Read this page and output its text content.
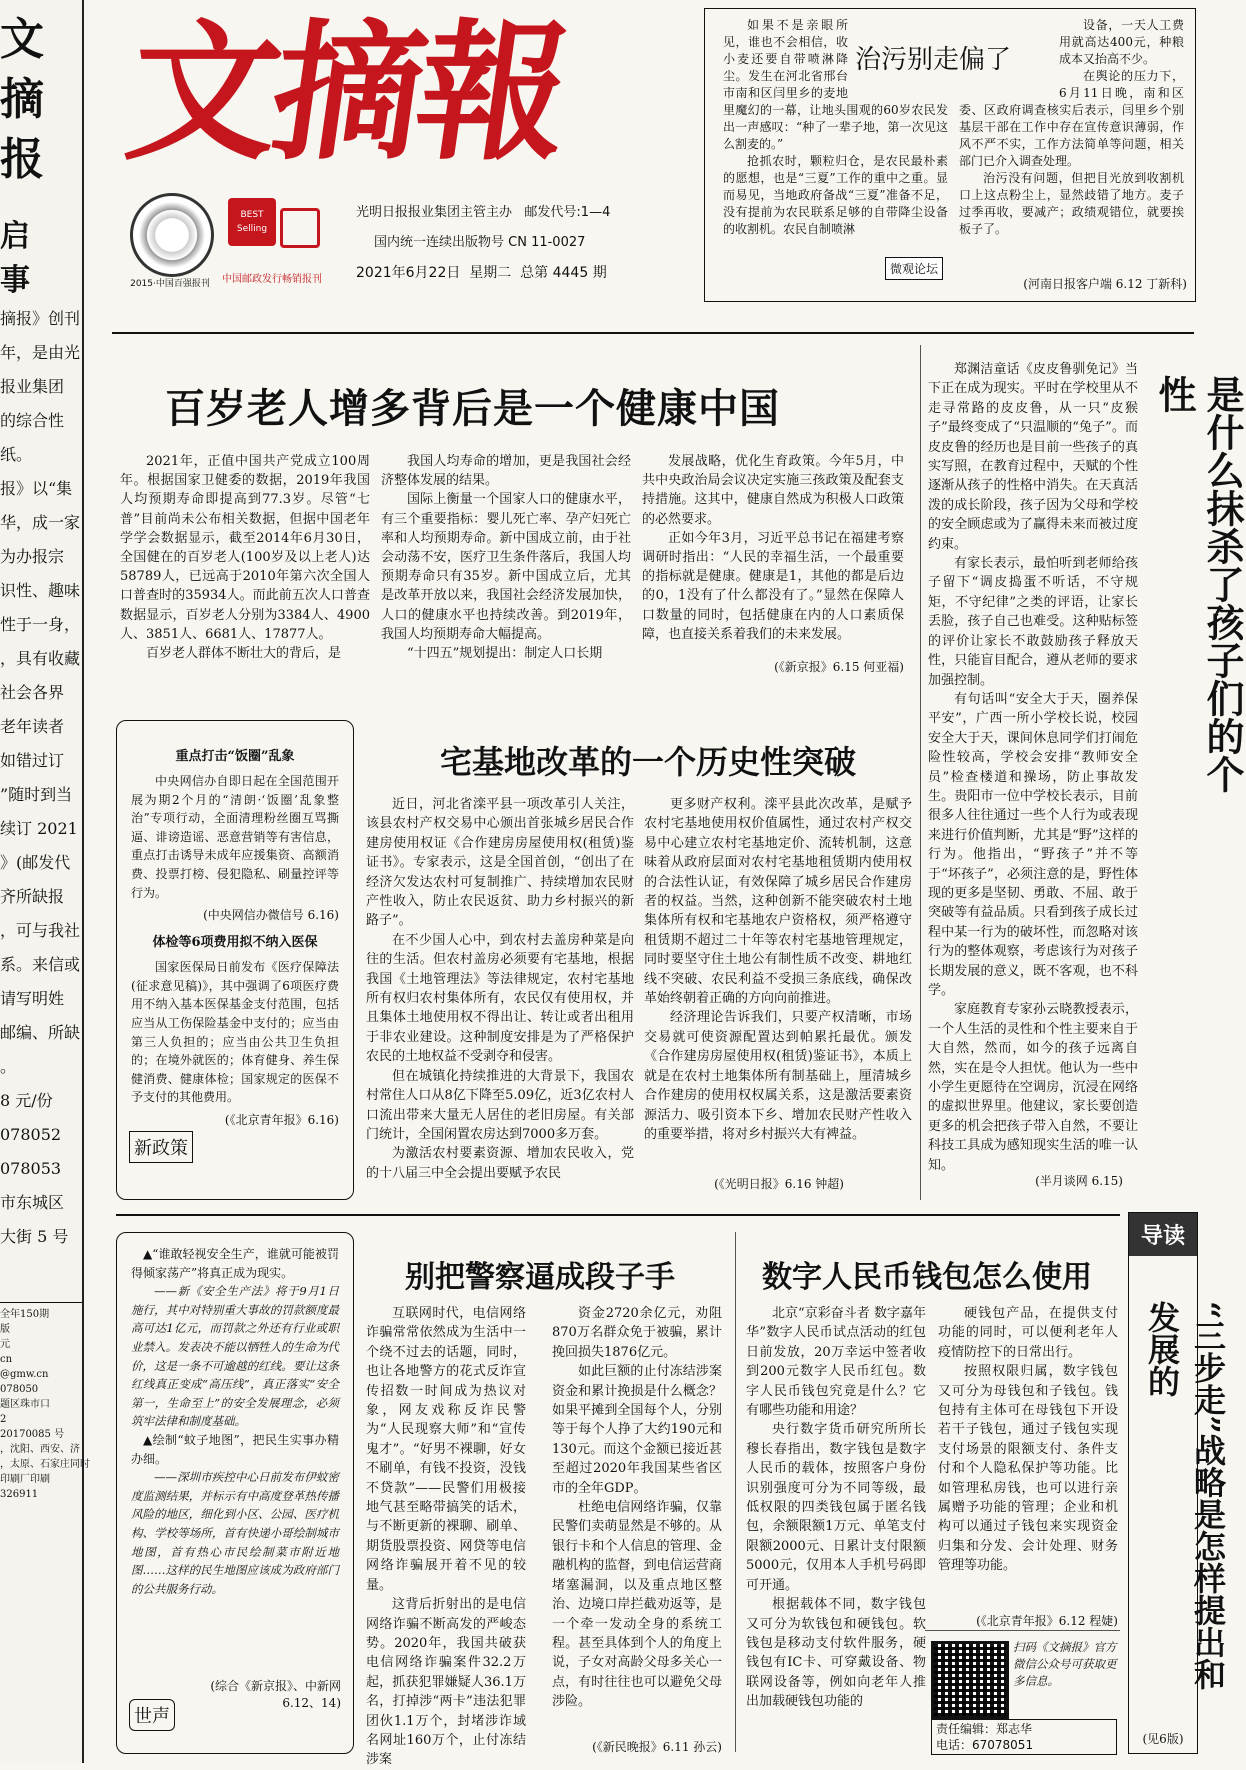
文
摘
报
启事
摘报》创刊
年，是由光
报业集团
的综合性
纸。
报》以“集
华，成一家
为办报宗
识性、趣味
性于一身，
，具有收藏
社会各界
老年读者
如错过订
”随时到当
续订 2021
》(邮发代
齐所缺报
，可与我社
系。来信或
请写明姓
邮编、所缺
。
8 元/份
078052
078053
市东城区
大街 5 号
全年150期
版
元
cn
@gmw.cn
078050
题区珠市口
2
20170085 号
，沈阳、西安、济
，太原、石家庄同时
印刷厂印刷
326911
文摘報
2015·中国百强报刊
BEST Selling
中国邮政发行畅销报刊
光明日报报业集团主管主办 邮发代号:1—4
国内统一连续出版物号 CN 11-0027
2021年6月22日 星期二 总第 4445 期
治污别走偏了

如果不是亲眼所见，谁也不会相信，收小麦还要自带喷淋降尘。发生在河北省邢台市南和区闫里乡的麦地里魔幻的一幕，让地头围观的60岁农民发出一声感叹：“种了一辈子地，第一次见这么割麦的。”

抢抓农时，颗粒归仓，是农民最朴素的愿想，也是“三夏”工作的重中之重。显而易见，当地政府备战“三夏”准备不足，没有提前为农民联系足够的自带降尘设备的收割机。农民自制喷淋

设备，一天人工费用就高达400元，种粮成本又抬高不少。

在舆论的压力下，6月11日晚，南和区委、区政府调查核实后表示，闫里乡个别基层干部在工作中存在宣传意识薄弱，作风不严不实，工作方法简单等问题，相关部门已介入调查处理。

治污没有问题，但把目光放到收割机口上这点粉尘上，显然歧错了地方。麦子过季再收，要减产；政绩观错位，就要挨板子了。

微观论坛
(河南日报客户端 6.12 丁新科)
百岁老人增多背后是一个健康中国

2021年，正值中国共产党成立100周年。根据国家卫健委的数据，2019年我国人均预期寿命即提高到77.3岁。尽管“七普”目前尚未公布相关数据，但据中国老年学学会数据显示，截至2014年6月30日，全国健在的百岁老人(100岁及以上老人)达58789人，已远高于2010年第六次全国人口普查时的35934人。而此前五次人口普查数据显示，百岁老人分别为3384人、4900人、3851人、6681人、17877人。

百岁老人群体不断壮大的背后，是

我国人均寿命的增加，更是我国社会经济整体发展的结果。

国际上衡量一个国家人口的健康水平，有三个重要指标：婴儿死亡率、孕产妇死亡率和人均预期寿命。新中国成立前，由于社会动荡不安，医疗卫生条件落后，我国人均预期寿命只有35岁。新中国成立后，尤其是改革开放以来，我国社会经济发展加快，人口的健康水平也持续改善。到2019年，我国人均预期寿命大幅提高。

“十四五”规划提出：制定人口长期

发展战略，优化生育政策。今年5月，中共中央政治局会议决定实施三孩政策及配套支持措施。这其中，健康自然成为积极人口政策的必然要求。

正如今年3月，习近平总书记在福建考察调研时指出：“人民的幸福生活，一个最重要的指标就是健康。健康是1，其他的都是后边的0，1没有了什么都没有了。”显然在保障人口数量的同时，包括健康在内的人口素质保障，也直接关系着我们的未来发展。

(《新京报》6.15 何亚福)

郑渊洁童话《皮皮鲁驯免记》当下正在成为现实。平时在学校里从不走寻常路的皮皮鲁，从一只“皮猴子”最终变成了“只温顺的“兔子”。而皮皮鲁的经历也是目前一些孩子的真实写照，在教育过程中，天赋的个性逐渐从孩子的性格中消失。在天真活泼的成长阶段，孩子因为父母和学校的安全顾虑或为了赢得未来而被过度约束。

有家长表示，最怕听到老师给孩子留下“调皮捣蛋不听话，不守规矩，不守纪律”之类的评语，让家长丢脸，孩子自己也难受。这种贴标签的评价让家长不敢鼓励孩子释放天性，只能盲目配合，遵从老师的要求加强控制。

有句话叫“安全大于天，圈养保平安”，广西一所小学校长说，校园安全大于天，课间休息同学们打闹危险性较高，学校会安排“教师安全员”检查楼道和操场，防止事故发生。贵阳市一位中学校长表示，目前很多人往往通过一些个人行为或表现来进行价值判断，尤其是“野”这样的行为。他指出，“野孩子”并不等于“坏孩子”，必须注意的是，野性体现的更多是坚韧、勇敢、不屈、敢于突破等有益品质。只看到孩子成长过程中某一行为的破坏性，而忽略对该行为的整体观察，考虑该行为对孩子长期发展的意义，既不客观，也不科学。

家庭教育专家孙云晓教授表示，一个人生活的灵性和个性主要来自于大自然，然而，如今的孩子远离自然，实在是令人担忧。他认为一些中小学生更愿待在空调房，沉浸在网络的虚拟世界里。他建议，家长要创造更多的机会把孩子带入自然，不要让科技工具成为感知现实生活的唯一认知。

(半月谈网 6.15)
是什么抹杀了孩子们的个性
重点打击“饭圈”乱象
中央网信办自即日起在全国范围开展为期2个月的“清朗·‘饭圈’乱象整治”专项行动，全面清理粉丝圈互骂撕逼、诽谤造谣、恶意营销等有害信息，重点打击诱导未成年应援集资、高额消费、投票打榜、侵犯隐私、刷量控评等行为。
(中央网信办微信号 6.16)
体检等6项费用拟不纳入医保
国家医保局日前发布《医疗保障法(征求意见稿)》，其中强调了6项医疗费用不纳入基本医保基金支付范围，包括应当从工伤保险基金中支付的；应当由第三人负担的；应当由公共卫生负担的；在境外就医的；体育健身、养生保健消费、健康体检；国家规定的医保不予支付的其他费用。
(《北京青年报》6.16)
新政策
宅基地改革的一个历史性突破

近日，河北省滦平县一项改革引人关注，该县农村产权交易中心颁出首张城乡居民合作建房使用权证《合作建房房屋使用权(租赁)鉴证书》。专家表示，这是全国首创，“创出了在经济欠发达农村可复制推广、持续增加农民财产性收入，防止农民返贫、助力乡村振兴的新路子”。

在不少国人心中，到农村去盖房种菜是向往的生活。但农村盖房必须要有宅基地，根据我国《土地管理法》等法律规定，农村宅基地所有权归农村集体所有，农民仅有使用权，并且集体土地使用权不得出让、转让或者出租用于非农业建设。这种制度安排是为了严格保护农民的土地权益不受剥夺和侵害。

但在城镇化持续推进的大背景下，我国农村常住人口从8亿下降至5.09亿，近3亿农村人口流出带来大量无人居住的老旧房屋。有关部门统计，全国闲置农房达到7000多万套。

为激活农村要素资源、增加农民收入，党的十八届三中全会提出要赋予农民

更多财产权利。滦平县此次改革，是赋予农村宅基地使用权价值属性，通过农村产权交易中心建立农村宅基地定价、流转机制，这意味着从政府层面对农村宅基地租赁期内使用权的合法性认证，有效保障了城乡居民合作建房者的权益。当然，这种创新不能突破农村土地集体所有权和宅基地农户资格权，须严格遵守租赁期不超过二十年等农村宅基地管理规定，同时要坚守住土地公有制性质不改变、耕地红线不突破、农民利益不受损三条底线，确保改革始终朝着正确的方向向前推进。

经济理论告诉我们，只要产权清晰，市场交易就可使资源配置达到帕累托最优。颁发《合作建房房屋使用权(租赁)鉴证书》，本质上就是在农村土地集体所有制基础上，厘清城乡合作建房的使用权权属关系，这是激活要素资源活力、吸引资本下乡、增加农民财产性收入的重要举措，将对乡村振兴大有裨益。

(《光明日报》6.16 钟超)
导读
“三步走”战略是怎样提出和发展的
(见6版)
▲“谁敢轻视安全生产，谁就可能被罚得倾家荡产”将真正成为现实。
——新《安全生产法》将于9月1日施行，其中对特别重大事故的罚款额度最高可达1亿元，而罚款之外还有行业或职业禁入。发表决不能以牺牲人的生命为代价，这是一条不可逾越的红线。要让这条红线真正变成“高压线”，真正落实“安全第一，生命至上”的安全发展理念，必须筑牢法律和制度基础。
▲绘制“蚊子地图”，把民生实事办精办细。
——深圳市疾控中心日前发布伊蚊密度监测结果，并标示有中高度登革热传播风险的地区，细化到小区、公园、医疗机构、学校等场所，首有快递小哥绘制城市地图，首有热心市民绘制菜市附近地图……这样的民生地图应该成为政府部门的公共服务行动。
(综合《新京报》、中新网 6.12、14)
世声
别把警察逼成段子手

互联网时代，电信网络诈骗常常依然成为生活中一个绕不过去的话题，同时，也让各地警方的花式反诈宣传招数一时间成为热议对象，网友戏称反诈民警为“人民现察大师”和“宣传鬼才”。“好男不裸聊，好女不刷单，有钱不投资，没钱不贷款”——民警们用极接地气甚至略带搞笑的话术，与不断更新的裸聊、刷单、期货股票投资、网贷等电信网络诈骗展开着不见的较量。

这背后折射出的是电信网络诈骗不断高发的严峻态势。2020年，我国共破获电信网络诈骗案件32.2万起，抓获犯罪嫌疑人36.1万名，打掉涉“两卡”违法犯罪团伙1.1万个，封堵涉诈域名网址160万个，止付冻结涉案

资金2720余亿元，劝阻870万名群众免于被骗，累计挽回损失1876亿元。

如此巨额的止付冻结涉案资金和累计挽损是什么概念？如果平摊到全国每个人，分别等于每个人挣了大约190元和130元。而这个金额已接近甚至超过2020年我国某些省区市的全年GDP。

杜绝电信网络诈骗，仅靠民警们卖萌显然是不够的。从银行卡和个人信息的管理、金融机构的监督，到电信运营商堵塞漏洞，以及重点地区整治、边境口岸拦截劝返等，是一个牵一发动全身的系统工程。甚至具体到个人的角度上说，子女对高龄父母多关心一点，有时往往也可以避免父母涉险。

(《新民晚报》6.11 孙云)
数字人民币钱包怎么使用

北京“京彩奋斗者 数字嘉年华”数字人民币试点活动的红包日前发放，20万幸运中签者收到200元数字人民币红包。数字人民币钱包究竟是什么？它有哪些功能和用途？

央行数字货币研究所所长穆长春指出，数字钱包是数字人民币的载体，按照客户身份识别强度可分为不同等级，最低权限的四类钱包属于匿名钱包，余额限额1万元、单笔支付限额2000元、日累计支付限额5000元，仅用本人手机号码即可开通。

根据载体不同，数字钱包又可分为软钱包和硬钱包。软钱包是移动支付软件服务，硬钱包有IC卡、可穿戴设备、物联网设备等，例如向老年人推出加载硬钱包功能的

硬钱包产品，在提供支付功能的同时，可以便利老年人疫情防控下的日常出行。

按照权限归属，数字钱包又可分为母钱包和子钱包。钱包持有主体可在母钱包下开设若干子钱包，通过子钱包实现支付场景的限额支付、条件支付和个人隐私保护等功能。比如管理私房钱，也可以进行亲属赠予功能的管理；企业和机构可以通过子钱包来实现资金归集和分发、会计处理、财务管理等功能。

(《北京青年报》6.12 程婕)
扫码《文摘报》官方微信公众号可获取更多信息。
责任编辑：郑志华
电话：67078051
